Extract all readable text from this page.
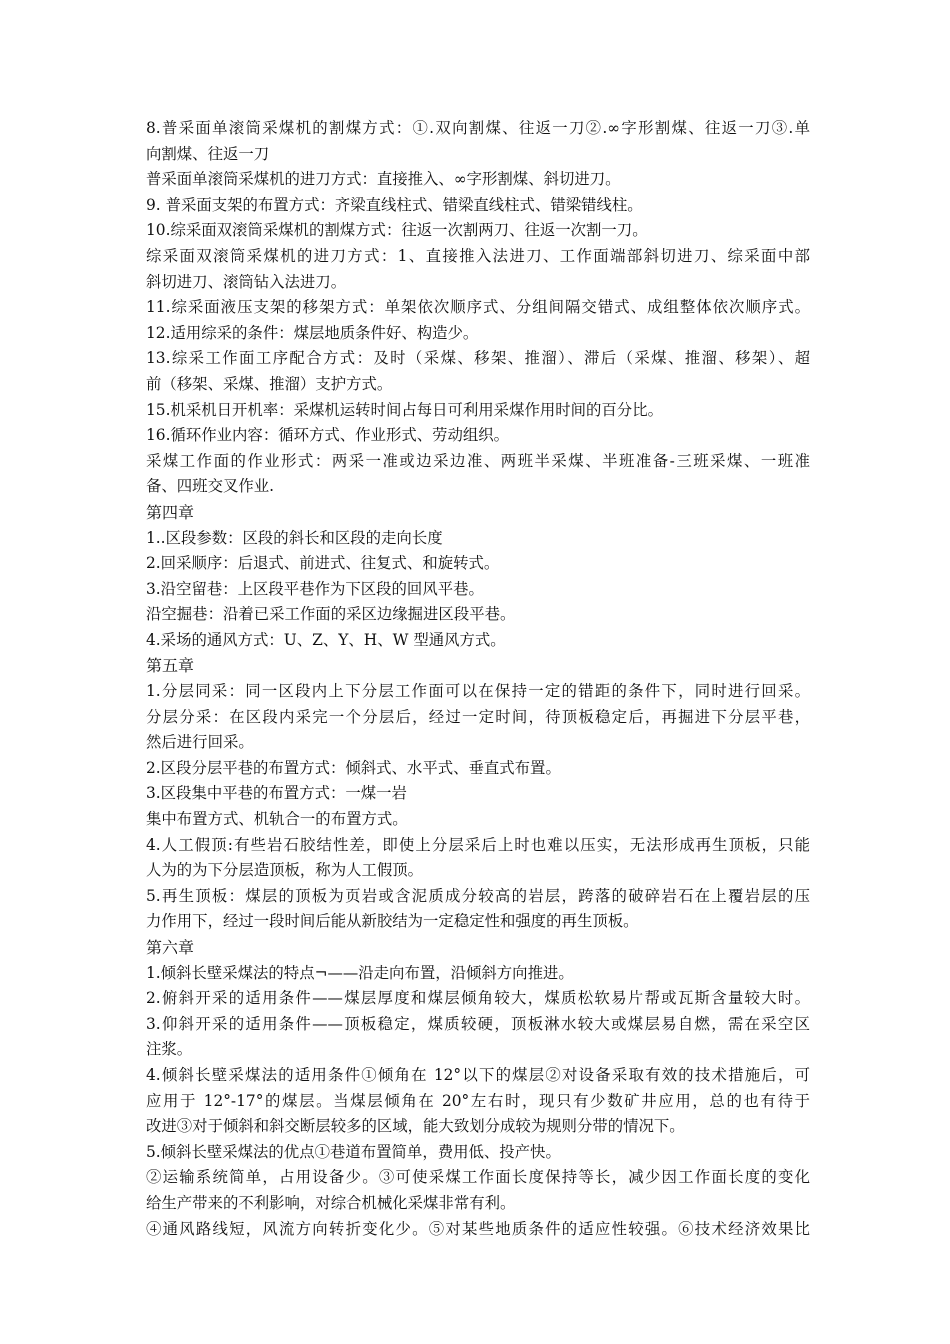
8.普采面单滚筒采煤机的割煤方式：①.双向割煤、往返一刀②.∞字形割煤、往返一刀③.单
向割煤、往返一刀
普采面单滚筒采煤机的进刀方式：直接推入、∞字形割煤、斜切进刀。
9. 普采面支架的布置方式：齐梁直线柱式、错梁直线柱式、错梁错线柱。
10.综采面双滚筒采煤机的割煤方式：往返一次割两刀、往返一次割一刀。
综采面双滚筒采煤机的进刀方式：1、直接推入法进刀、工作面端部斜切进刀、综采面中部
斜切进刀、滚筒钻入法进刀。
11.综采面液压支架的移架方式：单架依次顺序式、分组间隔交错式、成组整体依次顺序式。
12.适用综采的条件：煤层地质条件好、构造少。
13.综采工作面工序配合方式：及时（采煤、移架、推溜）、滞后（采煤、推溜、移架）、超
前（移架、采煤、推溜）支护方式。
15.机采机日开机率：采煤机运转时间占每日可利用采煤作用时间的百分比。
16.循环作业内容：循环方式、作业形式、劳动组织。
采煤工作面的作业形式：两采一准或边采边准、两班半采煤、半班准备-三班采煤、一班准
备、四班交叉作业.
第四章
1..区段参数：区段的斜长和区段的走向长度
2.回采顺序：后退式、前进式、往复式、和旋转式。
3.沿空留巷：上区段平巷作为下区段的回风平巷。
沿空掘巷：沿着已采工作面的采区边缘掘进区段平巷。
4.采场的通风方式：U、Z、Y、H、W 型通风方式。
第五章
1.分层同采：同一区段内上下分层工作面可以在保持一定的错距的条件下，同时进行回采。
分层分采：在区段内采完一个分层后，经过一定时间，待顶板稳定后，再掘进下分层平巷，
然后进行回采。
2.区段分层平巷的布置方式：倾斜式、水平式、垂直式布置。
3.区段集中平巷的布置方式：一煤一岩
集中布置方式、机轨合一的布置方式。
4.人工假顶:有些岩石胶结性差，即使上分层采后上时也难以压实，无法形成再生顶板，只能
人为的为下分层造顶板，称为人工假顶。
5.再生顶板：煤层的顶板为页岩或含泥质成分较高的岩层，跨落的破碎岩石在上覆岩层的压
力作用下，经过一段时间后能从新胶结为一定稳定性和强度的再生顶板。
第六章
1.倾斜长壁采煤法的特点¬——沿走向布置，沿倾斜方向推进。
2.俯斜开采的适用条件——煤层厚度和煤层倾角较大，煤质松软易片帮或瓦斯含量较大时。
3.仰斜开采的适用条件——顶板稳定，煤质较硬，顶板淋水较大或煤层易自燃，需在采空区
注浆。
4.倾斜长壁采煤法的适用条件①倾角在 12°以下的煤层②对设备采取有效的技术措施后，可
应用于 12°-17°的煤层。当煤层倾角在 20°左右时，现只有少数矿井应用，总的也有待于
改进③对于倾斜和斜交断层较多的区域，能大致划分成较为规则分带的情况下。
5.倾斜长壁采煤法的优点①巷道布置简单，费用低、投产快。
②运输系统简单，占用设备少。③可使采煤工作面长度保持等长，减少因工作面长度的变化
给生产带来的不利影响，对综合机械化采煤非常有利。
④通风路线短，风流方向转折变化少。⑤对某些地质条件的适应性较强。⑥技术经济效果比
